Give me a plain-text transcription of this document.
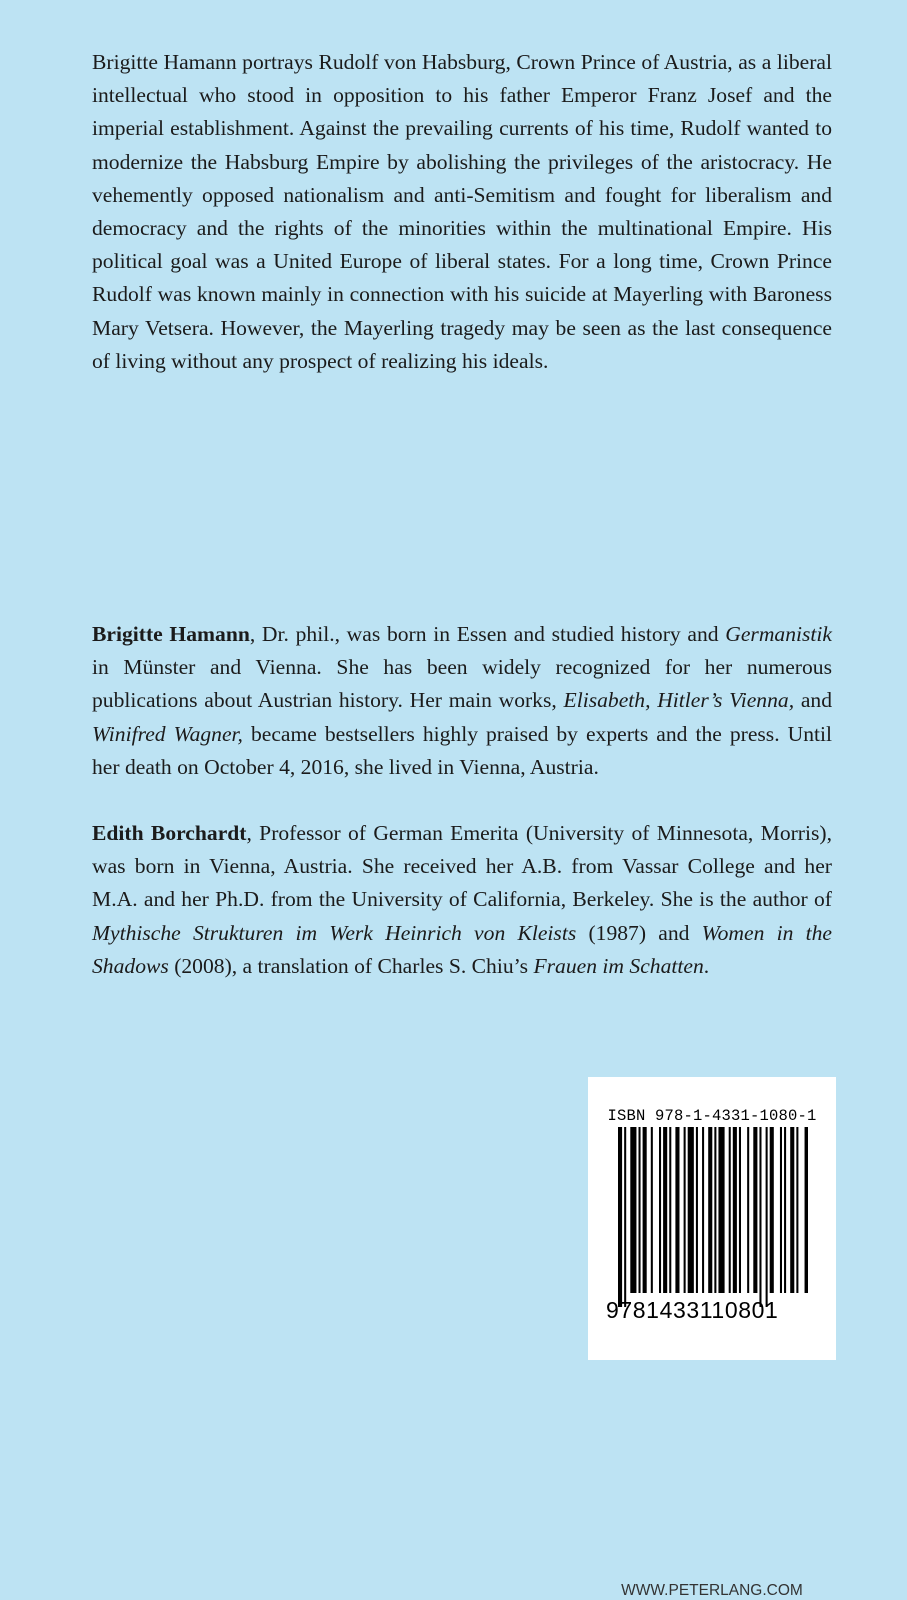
Brigitte Hamann portrays Rudolf von Habsburg, Crown Prince of Austria, as a liberal intellectual who stood in opposition to his father Emperor Franz Josef and the imperial establishment. Against the prevailing currents of his time, Rudolf wanted to modernize the Habsburg Empire by abolishing the privileges of the aristocracy. He vehemently opposed nationalism and anti-Semitism and fought for liberalism and democracy and the rights of the minorities within the multinational Empire. His political goal was a United Europe of liberal states. For a long time, Crown Prince Rudolf was known mainly in connection with his suicide at Mayerling with Baroness Mary Vetsera. However, the Mayerling tragedy may be seen as the last consequence of living without any prospect of realizing his ideals.

Brigitte Hamann, Dr. phil., was born in Essen and studied history and Germanistik in Münster and Vienna. She has been widely recognized for her numerous publications about Austrian history. Her main works, Elisabeth, Hitler’s Vienna, and Winifred Wagner, became bestsellers highly praised by experts and the press. Until her death on October 4, 2016, she lived in Vienna, Austria.

Edith Borchardt, Professor of German Emerita (University of Minnesota, Morris), was born in Vienna, Austria. She received her A.B. from Vassar College and her M.A. and her Ph.D. from the University of California, Berkeley. She is the author of Mythische Strukturen im Werk Heinrich von Kleists (1987) and Women in the Shadows (2008), a translation of Charles S. Chiu’s Frauen im Schatten.

ISBN 978-1-4331-1080-1
9781433110801
WWW.PETERLANG.COM
